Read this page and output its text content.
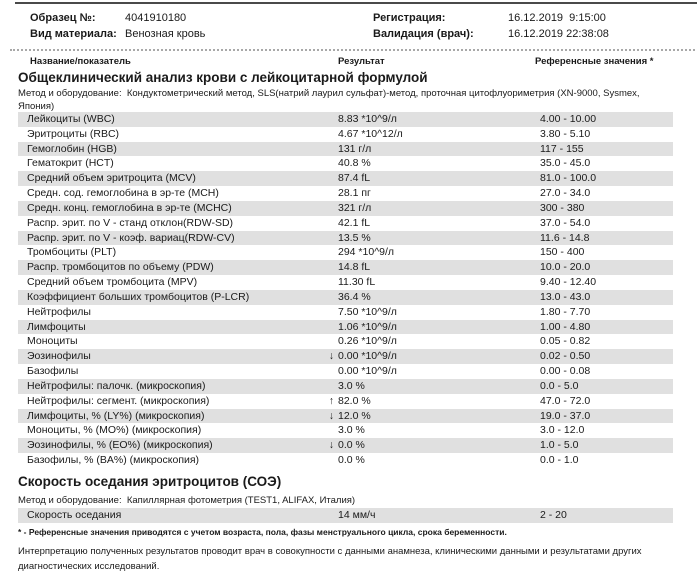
Образец №:	4041910180
Вид материала: Венозная кровь
Регистрация:	16.12.2019  9:15:00
Валидация (врач):	16.12.2019 22:38:08
Название/показатель	Результат	Референсные значения *
Общеклинический анализ крови с лейкоцитарной формулой
Метод и оборудование:  Кондуктометрический метод, SLS(натрий лаурил сульфат)-метод, проточная цитофлуориметрия (XN-9000, Sysmex, Япония)
Лейкоциты (WBC)	8.83 *10^9/л	4.00 - 10.00
Эритроциты (RBC)	4.67 *10^12/л	3.80 - 5.10
Гемоглобин (HGB)	131 г/л	117 - 155
Гематокрит (HCT)	40.8 %	35.0 - 45.0
Средний объем эритроцита (MCV)	87.4 fL	81.0 - 100.0
Средн. сод. гемоглобина в эр-те (MCH)	28.1 пг	27.0 - 34.0
Средн. конц. гемоглобина в эр-те (MCHC)	321 г/л	300 - 380
Распр. эрит. по V - станд отклон(RDW-SD)	42.1 fL	37.0 - 54.0
Распр. эрит. по V - коэф. вариац(RDW-CV)	13.5 %	11.6 - 14.8
Тромбоциты (PLT)	294 *10^9/л	150 - 400
Распр. тромбоцитов по объему (PDW)	14.8 fL	10.0 - 20.0
Средний объем тромбоцита (MPV)	11.30 fL	9.40 - 12.40
Коэффициент больших тромбоцитов (P-LCR)	36.4 %	13.0 - 43.0
Нейтрофилы	7.50 *10^9/л	1.80 - 7.70
Лимфоциты	1.06 *10^9/л	1.00 - 4.80
Моноциты	0.26 *10^9/л	0.05 - 0.82
Эозинофилы	↓ 0.00 *10^9/л	0.02 - 0.50
Базофилы	0.00 *10^9/л	0.00 - 0.08
Нейтрофилы: палочк. (микроскопия)	3.0 %	0.0 - 5.0
Нейтрофилы: сегмент. (микроскопия)	↑ 82.0 %	47.0 - 72.0
Лимфоциты, % (LY%) (микроскопия)	↓ 12.0 %	19.0 - 37.0
Моноциты, % (MO%) (микроскопия)	3.0 %	3.0 - 12.0
Эозинофилы, % (EO%) (микроскопия)	↓ 0.0 %	1.0 - 5.0
Базофилы, % (BA%) (микроскопия)	0.0 %	0.0 - 1.0
Скорость оседания эритроцитов (СОЭ)
Метод и оборудование:  Капиллярная фотометрия (TEST1, ALIFAX, Италия)
Скорость оседания	14 мм/ч	2 - 20
* - Референсные значения приводятся с учетом возраста, пола, фазы менструального цикла, срока беременности.
Интерпретацию полученных результатов проводит врач в совокупности с данными анамнеза, клиническими данными и результатами других диагностических исследований.
